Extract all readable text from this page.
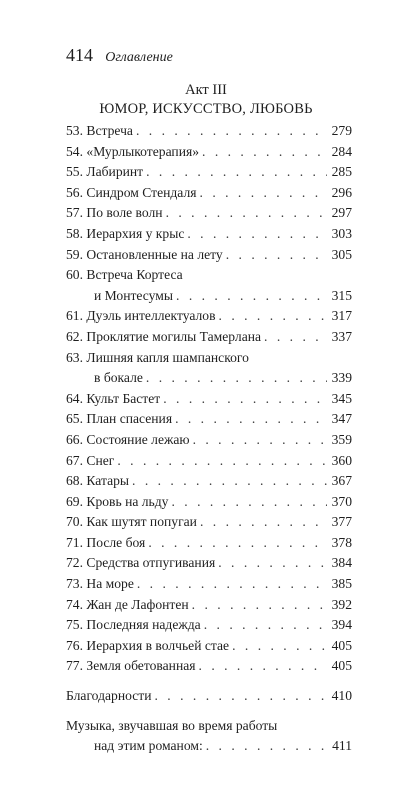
414 Оглавление
Акт III
ЮМОР, ИСКУССТВО, ЛЮБОВЬ
53. Встреча . . .	279
54. «Мурлыкотерапия» . . .	284
55. Лабиринт . . .	285
56. Синдром Стендаля . . .	296
57. По воле волн . . .	297
58. Иерархия у крыс . . .	303
59. Остановленные на лету . . .	305
60. Встреча Кортеса
и Монтесумы . . .	315
61. Дуэль интеллектуалов . . .	317
62. Проклятие могилы Тамерлана . . .	337
63. Лишняя капля шампанского
в бокале . . .	339
64. Культ Бастет . . .	345
65. План спасения . . .	347
66. Состояние лежаю . . .	359
67. Снег . . .	360
68. Катары . . .	367
69. Кровь на льду . . .	370
70. Как шутят попугаи . . .	377
71. После боя . . .	378
72. Средства отпугивания . . .	384
73. На море . . .	385
74. Жан де Лафонтен . . .	392
75. Последняя надежда . . .	394
76. Иерархия в волчьей стае . . .	405
77. Земля обетованная . . .	405
Благодарности . . .	410
Музыка, звучавшая во время работы
над этим романом: . . .	411
